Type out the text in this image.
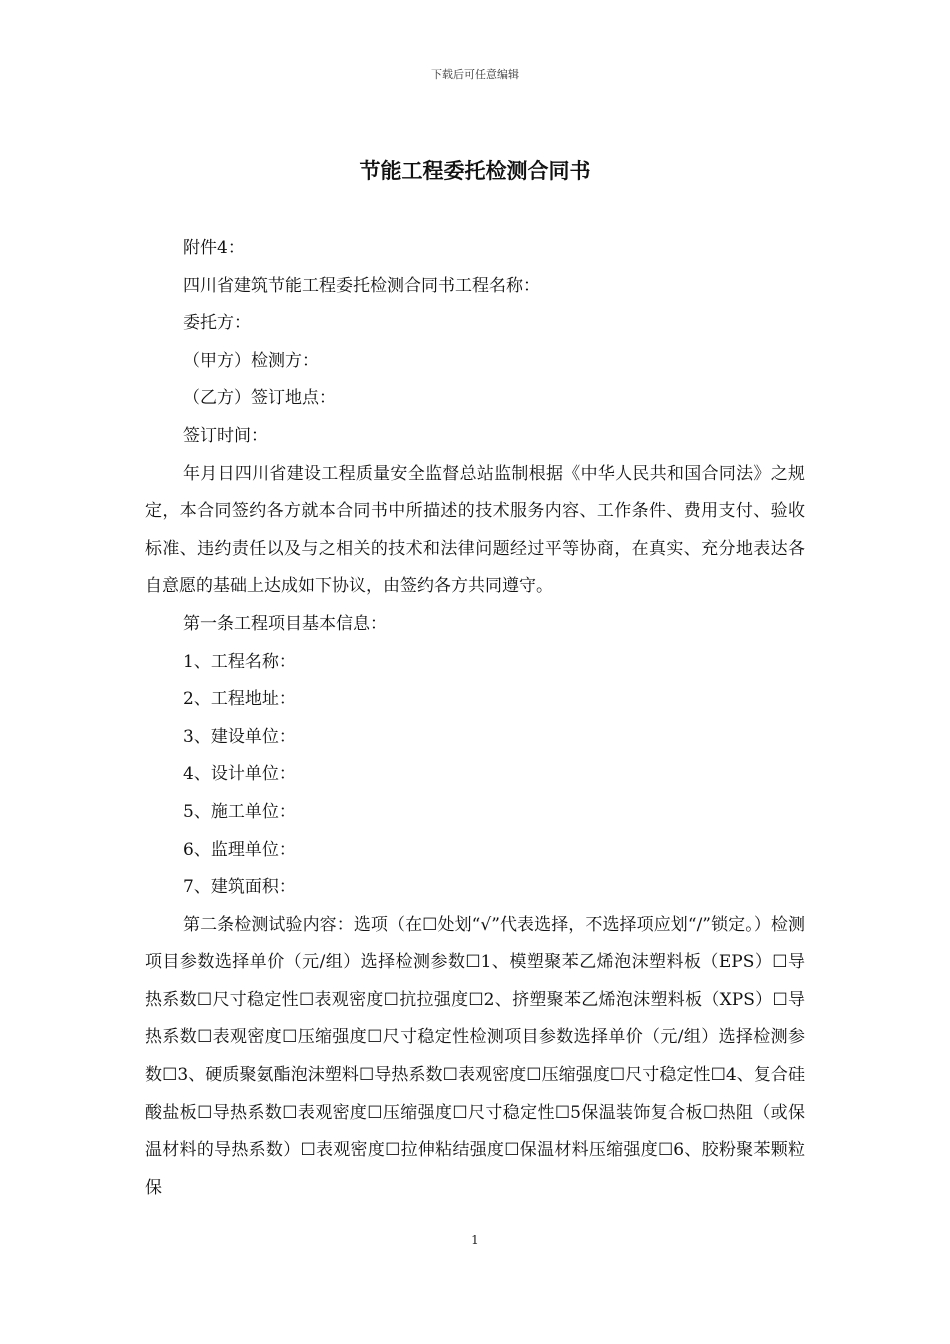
下载后可任意编辑
节能工程委托检测合同书

附件4：

四川省建筑节能工程委托检测合同书工程名称：

委托方：

（甲方）检测方：

（乙方）签订地点：

签订时间：

年月日四川省建设工程质量安全监督总站监制根据《中华人民共和国合同法》之规定，本合同签约各方就本合同书中所描述的技术服务内容、工作条件、费用支付、验收标准、违约责任以及与之相关的技术和法律问题经过平等协商，在真实、充分地表达各自意愿的基础上达成如下协议，由签约各方共同遵守。

第一条工程项目基本信息：

1、工程名称：

2、工程地址：

3、建设单位：

4、设计单位：

5、施工单位：

6、监理单位：

7、建筑面积：

第二条检测试验内容：选项（在☐处划“√”代表选择，不选择项应划“/”锁定。）检测项目参数选择单价（元/组）选择检测参数☐1、模塑聚苯乙烯泡沫塑料板（EPS）☐导热系数☐尺寸稳定性☐表观密度☐抗拉强度☐2、挤塑聚苯乙烯泡沫塑料板（XPS）☐导热系数☐表观密度☐压缩强度☐尺寸稳定性检测项目参数选择单价（元/组）选择检测参数☐3、硬质聚氨酯泡沫塑料☐导热系数☐表观密度☐压缩强度☐尺寸稳定性☐4、复合硅酸盐板☐导热系数☐表观密度☐压缩强度☐尺寸稳定性☐5保温装饰复合板☐热阻（或保温材料的导热系数）☐表观密度☐拉伸粘结强度☐保温材料压缩强度☐6、胶粉聚苯颗粒保

1
